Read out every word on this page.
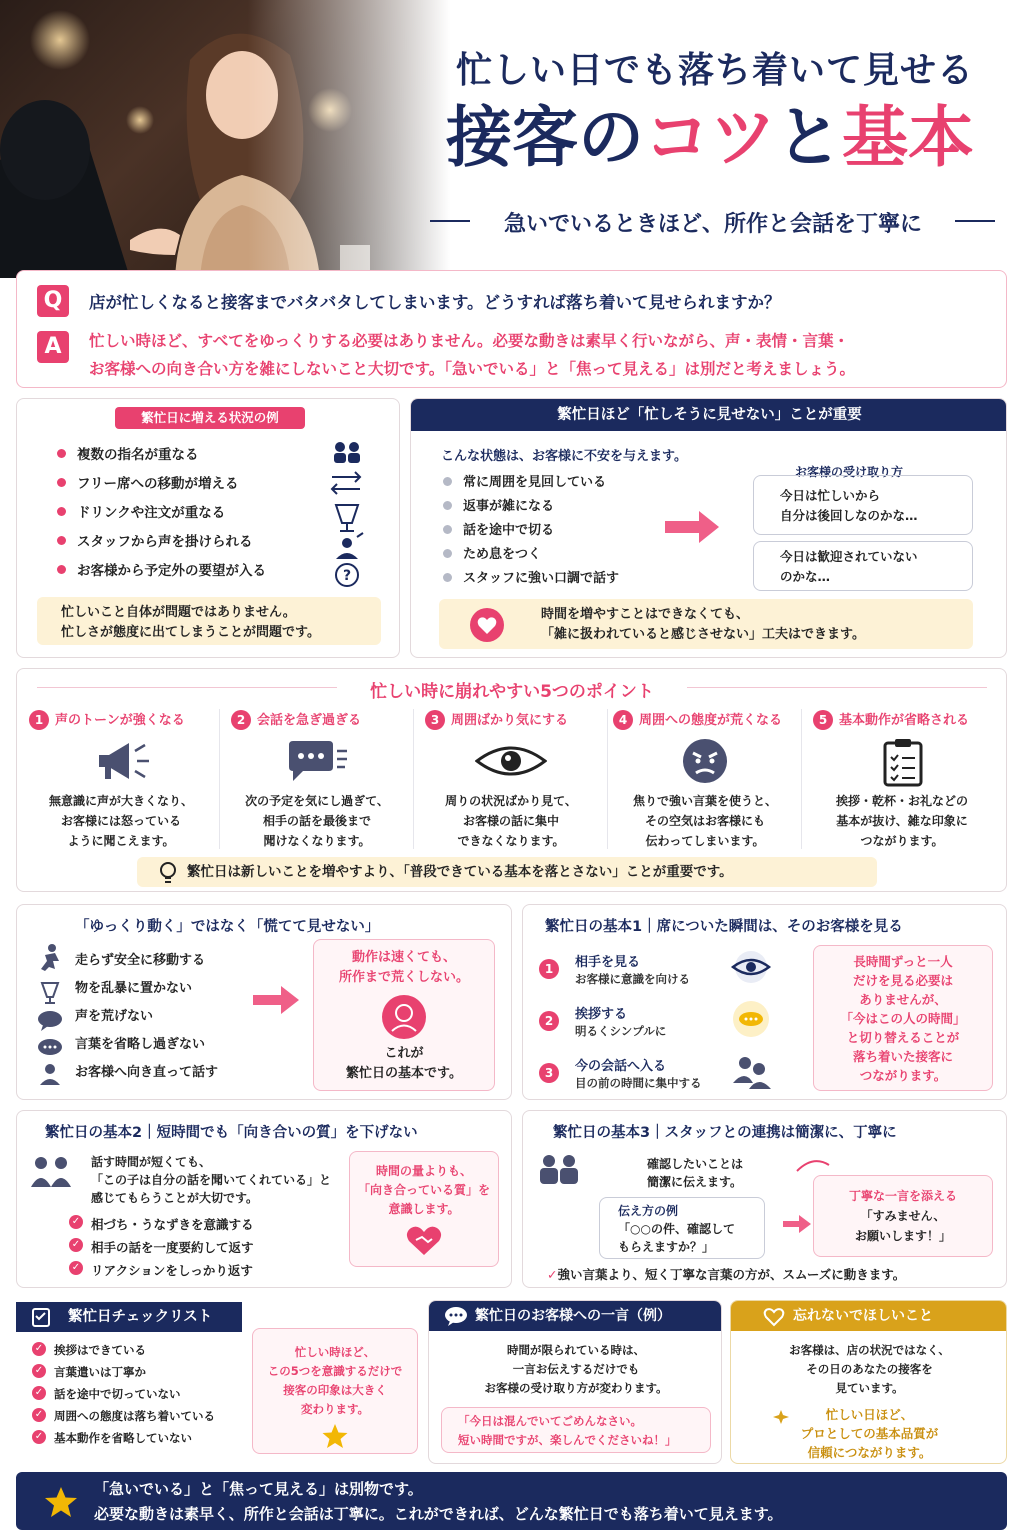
忙しい日でも落ち着いて見せる
接客のコツと基本
急いでいるときほど、所作と会話を丁寧に
Q	店が忙しくなると接客までバタバタしてしまいます。どうすれば落ち着いて見せられますか？
A	忙しい時ほど、すべてをゆっくりする必要はありません。必要な動きは素早く行いながら、声・表情・言葉・
お客様への向き合い方を雑にしないこと大切です。「急いでいる」と「焦って見える」は別だと考えましょう。
繁忙日に増える状況の例
複数の指名が重なる
フリー席への移動が増える
ドリンクや注文が重なる
スタッフから声を掛けられる
お客様から予定外の要望が入る	?
忙しいこと自体が問題ではありません。
忙しさが態度に出てしまうことが問題です。
繁忙日ほど「忙しそうに見せない」ことが重要
こんな状態は、お客様に不安を与えます。
常に周囲を見回している
返事が雑になる
話を途中で切る
ため息をつく
スタッフに強い口調で話す
お客様の受け取り方
今日は忙しいから
自分は後回しなのかな…
今日は歓迎されていない
のかな…
時間を増やすことはできなくても、
「雑に扱われていると感じさせない」工夫はできます。
忙しい時に崩れやすい5つのポイント
1 声のトーンが強くなる
無意識に声が大きくなり、
お客様には怒っている
ように聞こえます。
2 会話を急ぎ過ぎる
次の予定を気にし過ぎて、
相手の話を最後まで
聞けなくなります。
3 周囲ばかり気にする
周りの状況ばかり見て、
お客様の話に集中
できなくなります。
4 周囲への態度が荒くなる
焦りで強い言葉を使うと、
その空気はお客様にも
伝わってしまいます。
5 基本動作が省略される
挨拶・乾杯・お礼などの
基本が抜け、雑な印象に
つながります。
繁忙日は新しいことを増やすより、「普段できている基本を落とさない」ことが重要です。
「ゆっくり動く」ではなく「慌てて見せない」
走らず安全に移動する
物を乱暴に置かない
声を荒げない
言葉を省略し過ぎない
お客様へ向き直って話す
動作は速くても、
所作まで荒くしない。
これが
繁忙日の基本です。
繁忙日の基本1｜席についた瞬間は、そのお客様を見る
1	相手を見る
お客様に意識を向ける
2	挨拶する
明るくシンプルに
3	今の会話へ入る
目の前の時間に集中する
長時間ずっと一人
だけを見る必要は
ありませんが、
「今はこの人の時間」
と切り替えることが
落ち着いた接客に
つながります。
繁忙日の基本2｜短時間でも「向き合いの質」を下げない
話す時間が短くても、
「この子は自分の話を聞いてくれている」と
感じてもらうことが大切です。
✓ 相づち・うなずきを意識する
✓ 相手の話を一度要約して返す
✓ リアクションをしっかり返す
時間の量よりも、
「向き合っている質」を
意識します。
繁忙日の基本3｜スタッフとの連携は簡潔に、丁寧に
確認したいことは
簡潔に伝えます。
伝え方の例
「○○の件、確認して
もらえますか？」
丁寧な一言を添える
「すみません、
お願いします！」
✓強い言葉より、短く丁寧な言葉の方が、スムーズに動きます。
繁忙日チェックリスト
✓ 挨拶はできている
✓ 言葉遣いは丁寧か
✓ 話を途中で切っていない
✓ 周囲への態度は落ち着いている
✓ 基本動作を省略していない
忙しい時ほど、
この5つを意識するだけで
接客の印象は大きく
変わります。
繁忙日のお客様への一言（例）
時間が限られている時は、
一言お伝えするだけでも
お客様の受け取り方が変わります。
「今日は混んでいてごめんなさい。
短い時間ですが、楽しんでくださいね！」
忘れないでほしいこと
お客様は、店の状況ではなく、
その日のあなたの接客を
見ています。
忙しい日ほど、
プロとしての基本品質が
信頼につながります。
「急いでいる」と「焦って見える」は別物です。
必要な動きは素早く、所作と会話は丁寧に。これができれば、どんな繁忙日でも落ち着いて見えます。
